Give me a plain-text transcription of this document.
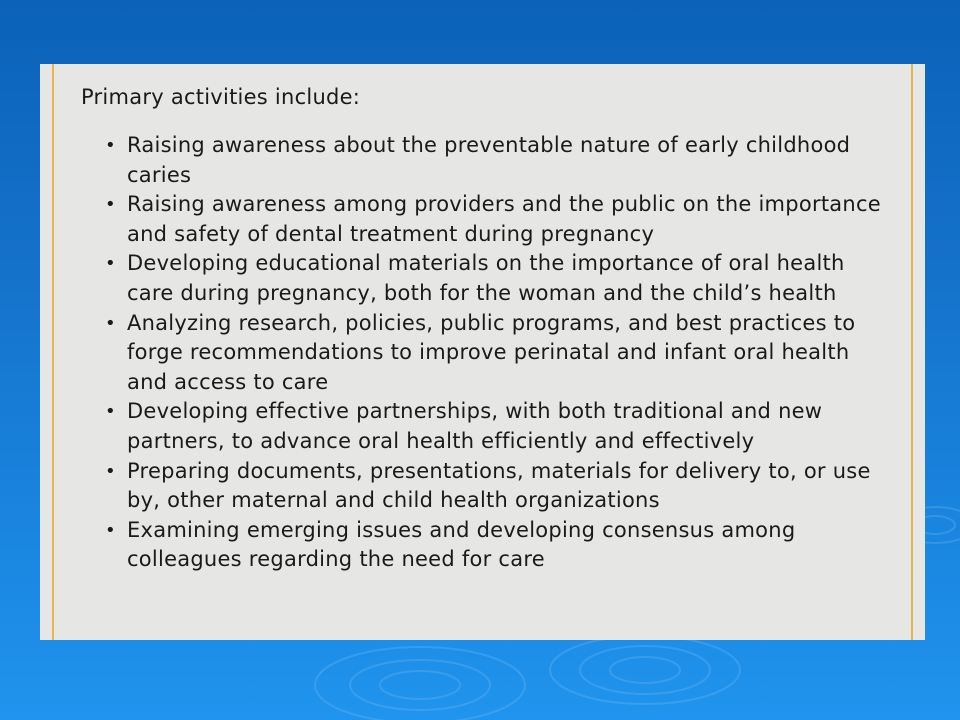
Primary activities include:

• Raising awareness about the preventable nature of early childhood caries
• Raising awareness among providers and the public on the importance and safety of dental treatment during pregnancy
• Developing educational materials on the importance of oral health care during pregnancy, both for the woman and the child’s health
• Analyzing research, policies, public programs, and best practices to forge recommendations to improve perinatal and infant oral health and access to care
• Developing effective partnerships, with both traditional and new partners, to advance oral health efficiently and effectively
• Preparing documents, presentations, materials for delivery to, or use by, other maternal and child health organizations
• Examining emerging issues and developing consensus among colleagues regarding the need for care
